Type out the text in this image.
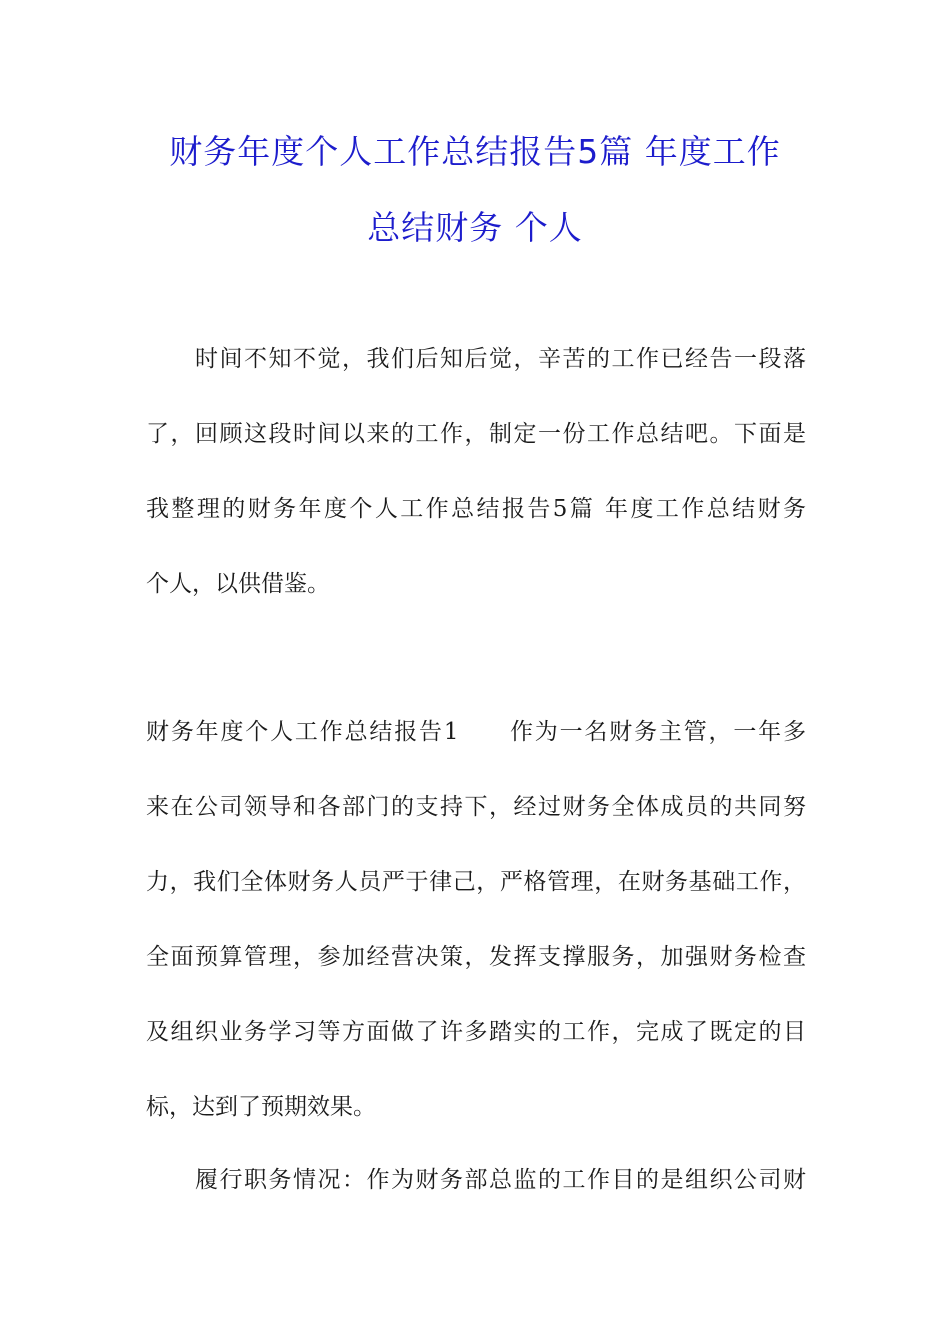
财务年度个人工作总结报告5篇 年度工作
总结财务 个人
　　时间不知不觉，我们后知后觉，辛苦的工作已经告一段落
了，回顾这段时间以来的工作，制定一份工作总结吧。下面是
我整理的财务年度个人工作总结报告5篇 年度工作总结财务
个人，以供借鉴。
财务年度个人工作总结报告1　　作为一名财务主管，一年多
来在公司领导和各部门的支持下，经过财务全体成员的共同努
力，我们全体财务人员严于律己，严格管理，在财务基础工作，
全面预算管理，参加经营决策，发挥支撑服务，加强财务检查
及组织业务学习等方面做了许多踏实的工作，完成了既定的目
标，达到了预期效果。
　　履行职务情况：作为财务部总监的工作目的是组织公司财
